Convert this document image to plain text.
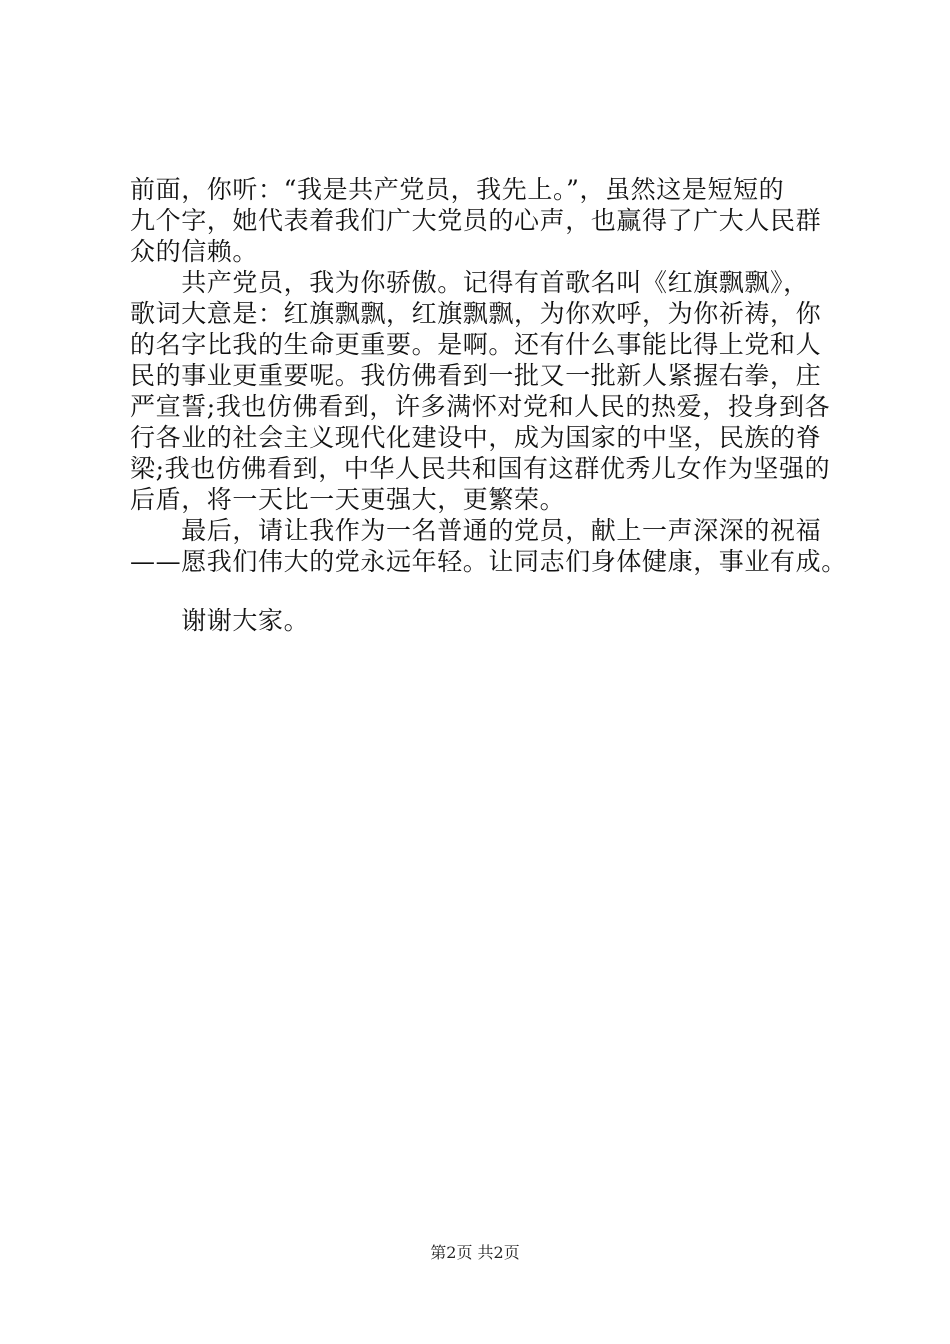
前面，你听：“我是共产党员，我先上。”，虽然这是短短的
九个字，她代表着我们广大党员的心声，也赢得了广大人民群
众的信赖。
　　共产党员，我为你骄傲。记得有首歌名叫《红旗飘飘》，
歌词大意是：红旗飘飘，红旗飘飘，为你欢呼，为你祈祷，你
的名字比我的生命更重要。是啊。还有什么事能比得上党和人
民的事业更重要呢。我仿佛看到一批又一批新人紧握右拳，庄
严宣誓;我也仿佛看到，许多满怀对党和人民的热爱，投身到各
行各业的社会主义现代化建设中，成为国家的中坚，民族的脊
梁;我也仿佛看到，中华人民共和国有这群优秀儿女作为坚强的
后盾，将一天比一天更强大，更繁荣。
　　最后，请让我作为一名普通的党员，献上一声深深的祝福
——愿我们伟大的党永远年轻。让同志们身体健康，事业有成。
　　谢谢大家。
第2页 共2页
